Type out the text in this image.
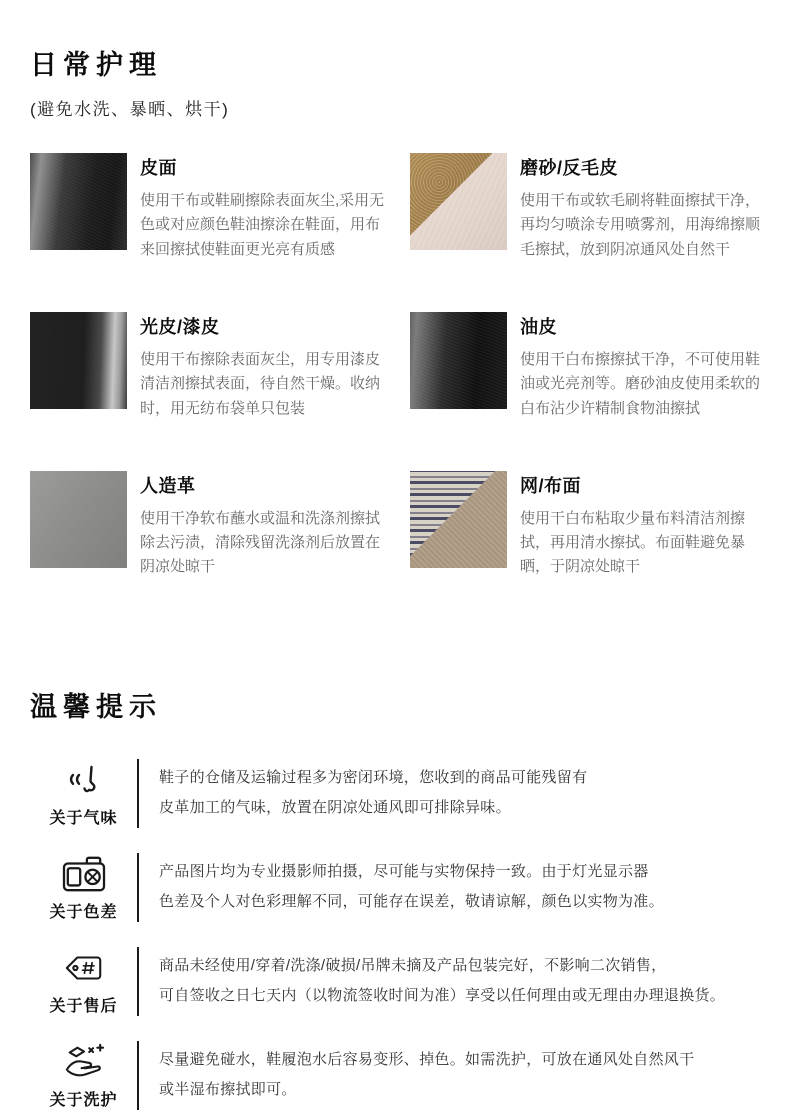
日常护理

(避免水洗、暴晒、烘干)

皮面

使用干布或鞋刷擦除表面灰尘,采用无色或对应颜色鞋油擦涂在鞋面，用布来回擦拭使鞋面更光亮有质感

磨砂/反毛皮

使用干布或软毛刷将鞋面擦拭干净，再均匀喷涂专用喷雾剂，用海绵擦顺毛擦拭，放到阴凉通风处自然干

光皮/漆皮

使用干布擦除表面灰尘，用专用漆皮清洁剂擦拭表面，待自然干燥。收纳时，用无纺布袋单只包装

油皮

使用干白布擦擦拭干净，不可使用鞋油或光亮剂等。磨砂油皮使用柔软的白布沾少许精制食物油擦拭

人造革

使用干净软布蘸水或温和洗涤剂擦拭除去污渍，清除残留洗涤剂后放置在阴凉处晾干

网/布面

使用干白布粘取少量布料清洁剂擦拭，再用清水擦拭。布面鞋避免暴晒，于阴凉处晾干

温馨提示
关于气味
鞋子的仓储及运输过程多为密闭环境，您收到的商品可能残留有
皮革加工的气味，放置在阴凉处通风即可排除异味。
关于色差
产品图片均为专业摄影师拍摄，尽可能与实物保持一致。由于灯光显示器
色差及个人对色彩理解不同，可能存在误差，敬请谅解，颜色以实物为准。
关于售后
商品未经使用/穿着/洗涤/破损/吊牌未摘及产品包装完好，不影响二次销售，
可自签收之日七天内（以物流签收时间为准）享受以任何理由或无理由办理退换货。
关于洗护
尽量避免碰水，鞋履泡水后容易变形、掉色。如需洗护，可放在通风处自然风干
或半湿布擦拭即可。
